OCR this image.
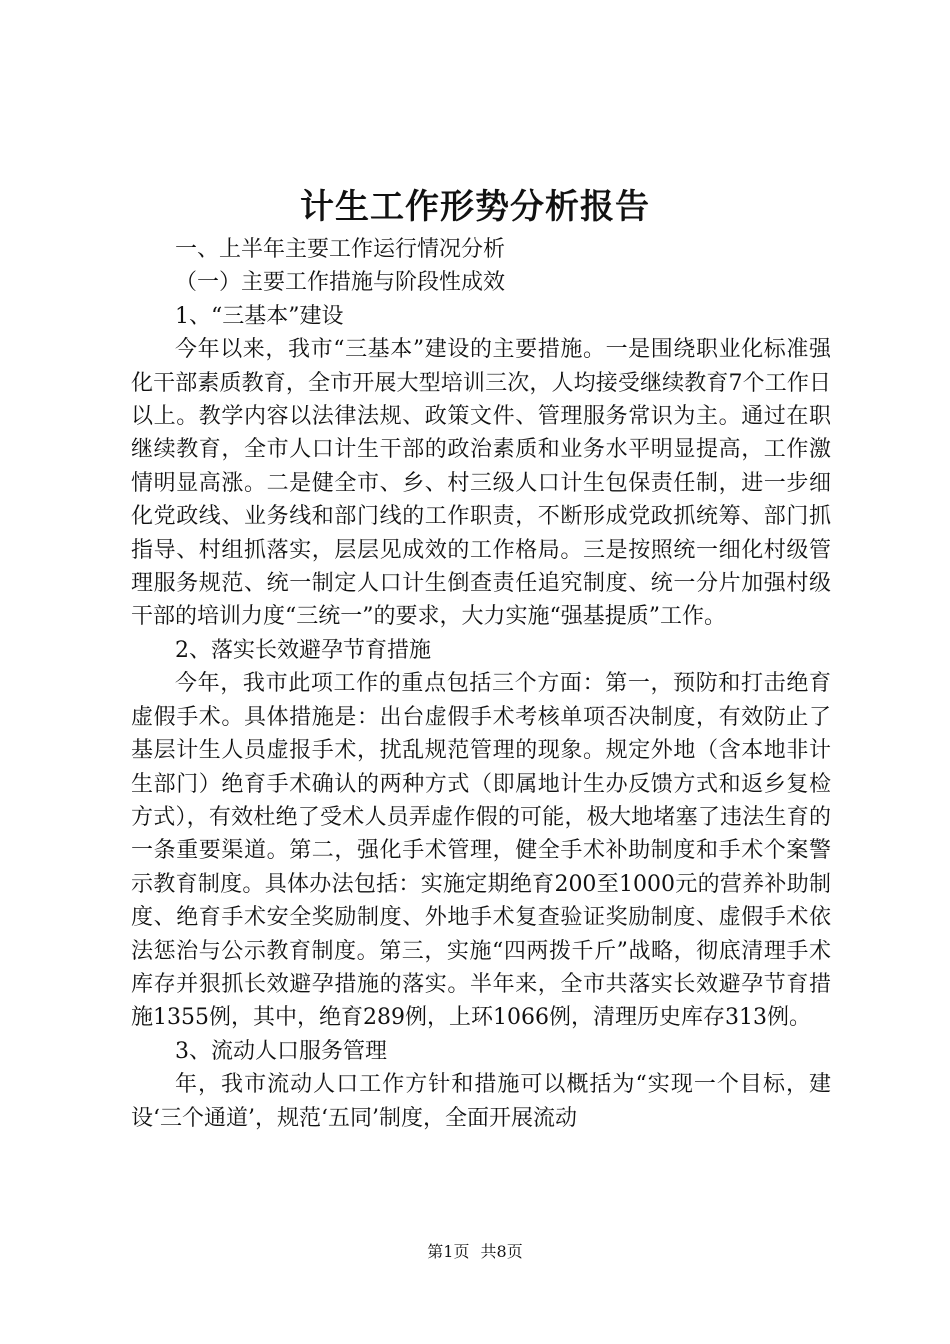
计生工作形势分析报告

一、上半年主要工作运行情况分析

（一）主要工作措施与阶段性成效

1、“三基本”建设

今年以来，我市“三基本”建设的主要措施。一是围绕职业化标准强化干部素质教育，全市开展大型培训三次，人均接受继续教育7个工作日以上。教学内容以法律法规、政策文件、管理服务常识为主。通过在职继续教育，全市人口计生干部的政治素质和业务水平明显提高，工作激情明显高涨。二是健全市、乡、村三级人口计生包保责任制，进一步细化党政线、业务线和部门线的工作职责，不断形成党政抓统筹、部门抓指导、村组抓落实，层层见成效的工作格局。三是按照统一细化村级管理服务规范、统一制定人口计生倒查责任追究制度、统一分片加强村级干部的培训力度“三统一”的要求，大力实施“强基提质”工作。

2、落实长效避孕节育措施

今年，我市此项工作的重点包括三个方面：第一，预防和打击绝育虚假手术。具体措施是：出台虚假手术考核单项否决制度，有效防止了基层计生人员虚报手术，扰乱规范管理的现象。规定外地（含本地非计生部门）绝育手术确认的两种方式（即属地计生办反馈方式和返乡复检方式），有效杜绝了受术人员弄虚作假的可能，极大地堵塞了违法生育的一条重要渠道。第二，强化手术管理，健全手术补助制度和手术个案警示教育制度。具体办法包括：实施定期绝育200至1000元的营养补助制度、绝育手术安全奖励制度、外地手术复查验证奖励制度、虚假手术依法惩治与公示教育制度。第三，实施“四两拨千斤”战略，彻底清理手术库存并狠抓长效避孕措施的落实。半年来，全市共落实长效避孕节育措施1355例，其中，绝育289例，上环1066例，清理历史库存313例。

3、流动人口服务管理

年，我市流动人口工作方针和措施可以概括为“实现一个目标，建设‘三个通道’，规范‘五同’制度，全面开展流动

第1页 共8页
